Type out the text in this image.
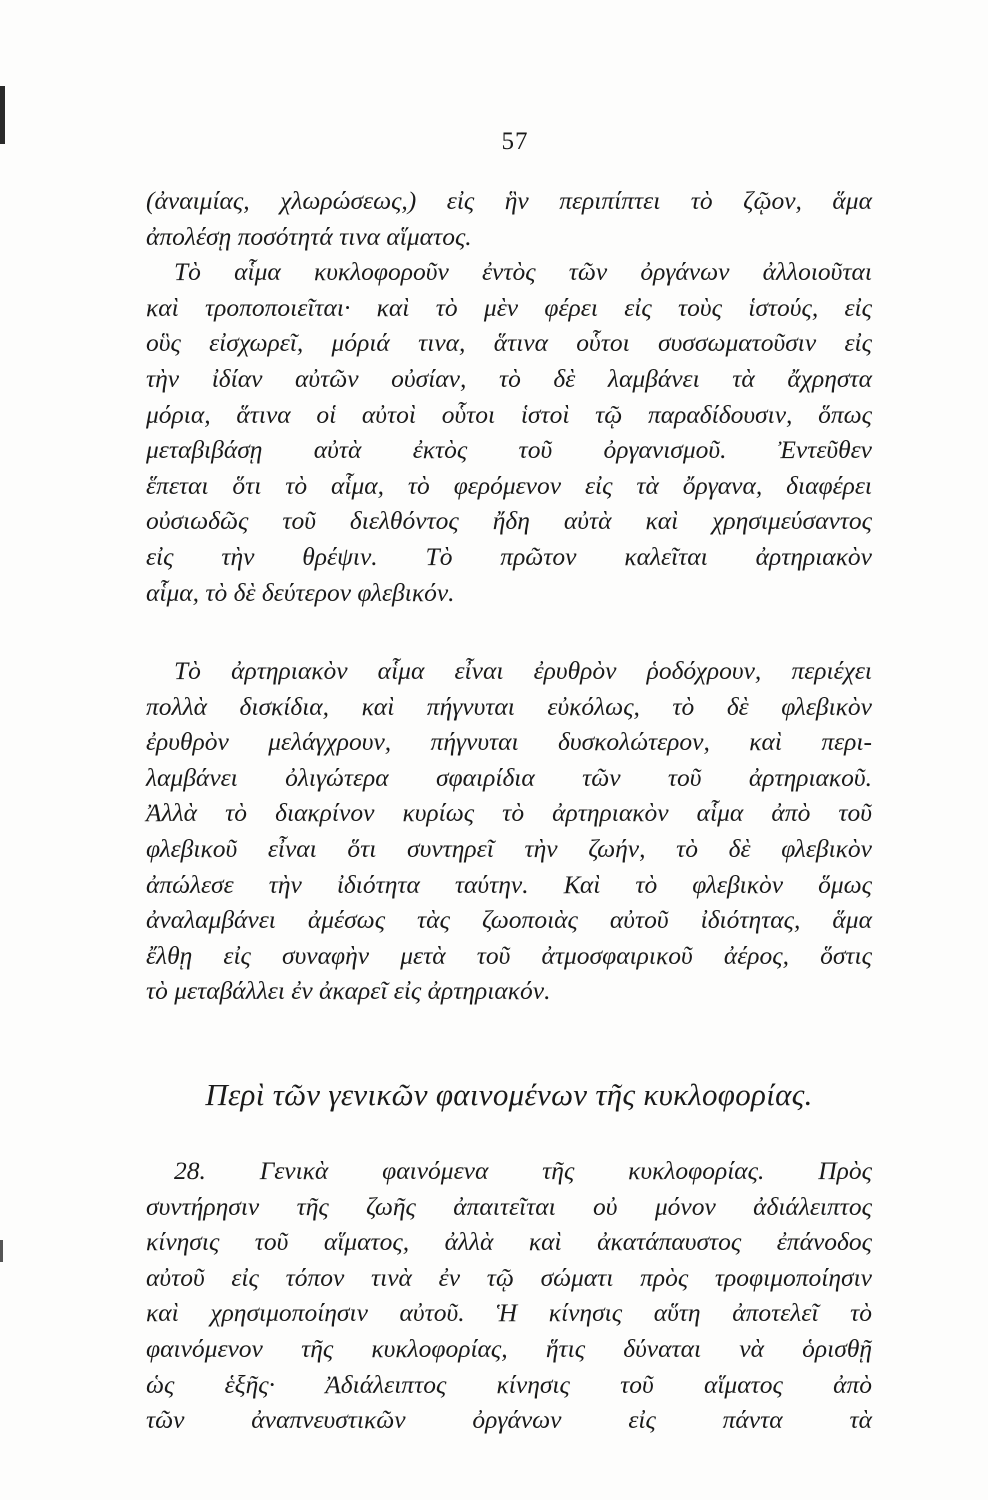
57
(ἀναιμίας, χλωρώσεως,) εἰς ἣν περιπίπτει τὸ ζῷον, ἅμα
ἀπολέσῃ ποσότητά τινα αἵματος.
Τὸ αἷμα κυκλοφοροῦν ἐντὸς τῶν ὀργάνων ἀλλοιοῦται
καὶ τροποποιεῖται· καὶ τὸ μὲν φέρει εἰς τοὺς ἱστούς, εἰς
οὓς εἰσχωρεῖ, μόριά τινα, ἅτινα οὗτοι συσσωματοῦσιν εἰς
τὴν ἰδίαν αὐτῶν οὐσίαν, τὸ δὲ λαμβάνει τὰ ἄχρηστα
μόρια, ἅτινα οἱ αὐτοὶ οὗτοι ἱστοὶ τῷ παραδίδουσιν, ὅπως
μεταβιβάσῃ αὐτὰ ἐκτὸς τοῦ ὀργανισμοῦ. Ἐντεῦθεν
ἕπεται ὅτι τὸ αἷμα, τὸ φερόμενον εἰς τὰ ὄργανα, διαφέρει
οὐσιωδῶς τοῦ διελθόντος ἤδη αὐτὰ καὶ χρησιμεύσαντος
εἰς τὴν θρέψιν. Τὸ πρῶτον καλεῖται ἀρτηριακὸν
αἷμα, τὸ δὲ δεύτερον φλεβικόν.
Τὸ ἀρτηριακὸν αἷμα εἶναι ἐρυθρὸν ῥοδόχρουν, περιέχει
πολλὰ δισκίδια, καὶ πήγνυται εὐκόλως, τὸ δὲ φλεβικὸν
ἐρυθρὸν μελάγχρουν, πήγνυται δυσκολώτερον, καὶ περι-
λαμβάνει ὀλιγώτερα σφαιρίδια τῶν τοῦ ἀρτηριακοῦ.
Ἀλλὰ τὸ διακρίνον κυρίως τὸ ἀρτηριακὸν αἷμα ἀπὸ τοῦ
φλεβικοῦ εἶναι ὅτι συντηρεῖ τὴν ζωήν, τὸ δὲ φλεβικὸν
ἀπώλεσε τὴν ἰδιότητα ταύτην. Καὶ τὸ φλεβικὸν ὅμως
ἀναλαμβάνει ἀμέσως τὰς ζωοποιὰς αὐτοῦ ἰδιότητας, ἅμα
ἔλθῃ εἰς συναφὴν μετὰ τοῦ ἀτμοσφαιρικοῦ ἀέρος, ὅστις
τὸ μεταβάλλει ἐν ἀκαρεῖ εἰς ἀρτηριακόν.
Περὶ τῶν γενικῶν φαινομένων τῆς κυκλοφορίας.
28. Γενικὰ φαινόμενα τῆς κυκλοφορίας. Πρὸς
συντήρησιν τῆς ζωῆς ἀπαιτεῖται οὐ μόνον ἀδιάλειπτος
κίνησις τοῦ αἵματος, ἀλλὰ καὶ ἀκατάπαυστος ἐπάνοδος
αὐτοῦ εἰς τόπον τινὰ ἐν τῷ σώματι πρὸς τροφιμοποίησιν
καὶ χρησιμοποίησιν αὐτοῦ. Ἡ κίνησις αὕτη ἀποτελεῖ τὸ
φαινόμενον τῆς κυκλοφορίας, ἥτις δύναται νὰ ὁρισθῇ
ὡς ἑξῆς· Ἀδιάλειπτος κίνησις τοῦ αἵματος ἀπὸ
τῶν ἀναπνευστικῶν ὀργάνων εἰς πάντα τὰ
